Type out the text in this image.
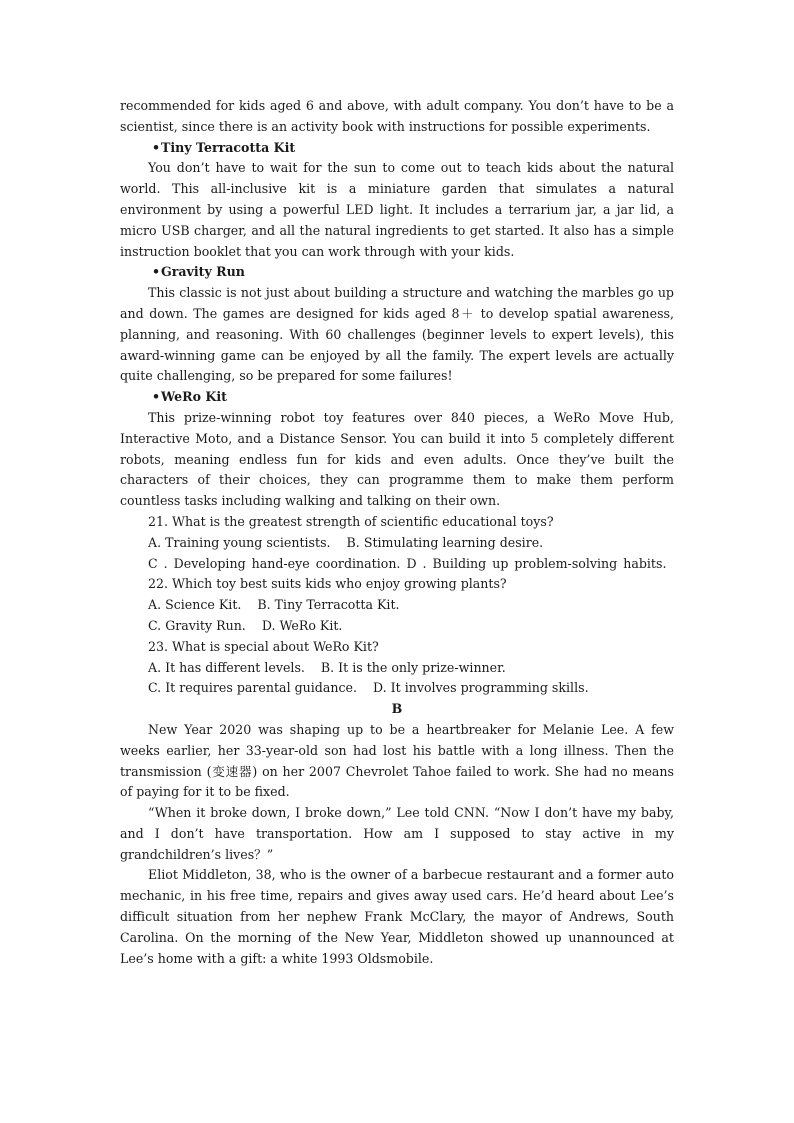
recommended for kids aged 6 and above, with adult company. You don’t have to be a scientist, since there is an activity book with instructions for possible experiments.

•Tiny Terracotta Kit

You don’t have to wait for the sun to come out to teach kids about the natural world. This all-inclusive kit is a miniature garden that simulates a natural environment by using a powerful LED light. It includes a terrarium jar, a jar lid, a micro USB charger, and all the natural ingredients to get started. It also has a simple instruction booklet that you can work through with your kids.

•Gravity Run

This classic is not just about building a structure and watching the marbles go up and down. The games are designed for kids aged 8＋ to develop spatial awareness, planning, and reasoning. With 60 challenges (beginner levels to expert levels), this award-winning game can be enjoyed by all the family. The expert levels are actually quite challenging, so be prepared for some failures!

•WeRo Kit

This prize-winning robot toy features over 840 pieces, a WeRo Move Hub, Interactive Moto, and a Distance Sensor. You can build it into 5 completely different robots, meaning endless fun for kids and even adults. Once they’ve built the characters of their choices, they can programme them to make them perform countless tasks including walking and talking on their own.

21. What is the greatest strength of scientific educational toys?

A. Training young scientists.    B. Stimulating learning desire.

C . Developing hand-eye coordination. D . Building up problem-solving habits.

22. Which toy best suits kids who enjoy growing plants?

A. Science Kit.    B. Tiny Terracotta Kit.

C. Gravity Run.    D. WeRo Kit.

23. What is special about WeRo Kit?

A. It has different levels.    B. It is the only prize-winner.

C. It requires parental guidance.    D. It involves programming skills.

B

New Year 2020 was shaping up to be a heartbreaker for Melanie Lee. A few weeks earlier, her 33-year-old son had lost his battle with a long illness. Then the transmission (变速器) on her 2007 Chevrolet Tahoe failed to work. She had no means of paying for it to be fixed.

“When it broke down, I broke down,” Lee told CNN. “Now I don’t have my baby, and I don’t have transportation. How am I supposed to stay active in my grandchildren’s lives？”

Eliot Middleton, 38, who is the owner of a barbecue restaurant and a former auto mechanic, in his free time, repairs and gives away used cars. He’d heard about Lee’s difficult situation from her nephew Frank McClary, the mayor of Andrews, South Carolina. On the morning of the New Year, Middleton showed up unannounced at Lee’s home with a gift: a white 1993 Oldsmobile.
